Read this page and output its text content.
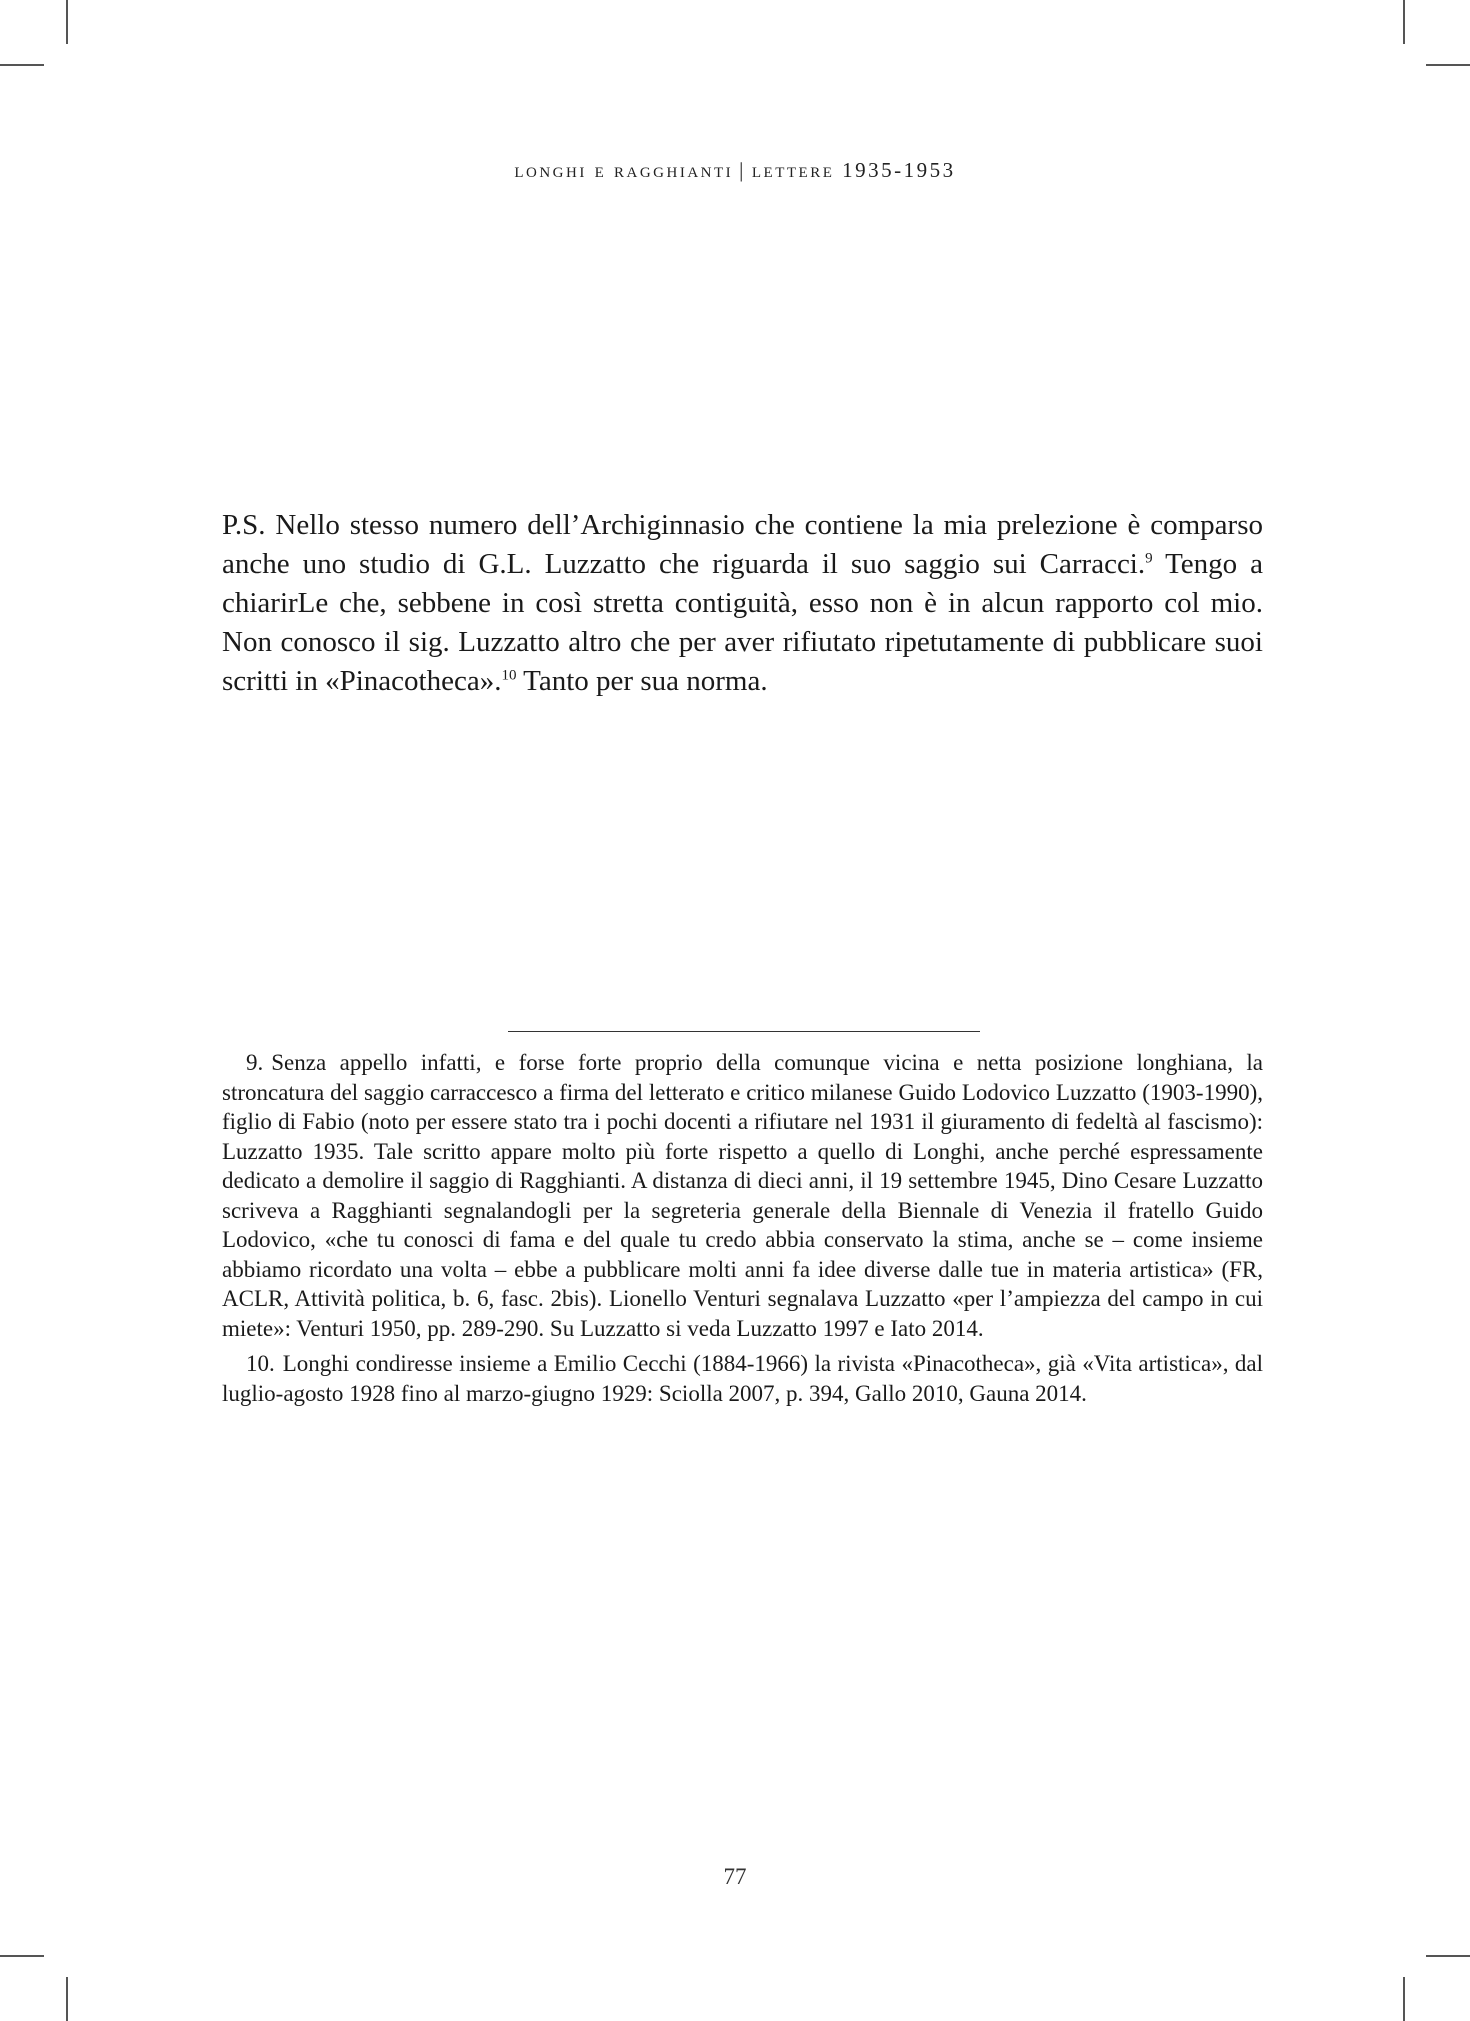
longhi e ragghianti | lettere 1935-1953

P.S. Nello stesso numero dell’Archiginnasio che contiene la mia prelezione è comparso anche uno studio di G.L. Luzzatto che riguarda il suo saggio sui Carracci.$^9$ Tengo a chiarirLe che, sebbene in così stretta contiguità, esso non è in alcun rapporto col mio. Non conosco il sig. Luzzatto altro che per aver rifiutato ripetutamente di pubblicare suoi scritti in «Pinacotheca».$^{10}$ Tanto per sua norma.

9. Senza appello infatti, e forse forte proprio della comunque vicina e netta posizione longhiana, la stroncatura del saggio carraccesco a firma del letterato e critico milanese Guido Lodovico Luzzatto (1903-1990), figlio di Fabio (noto per essere stato tra i pochi docenti a rifiutare nel 1931 il giuramento di fedeltà al fascismo): Luzzatto 1935. Tale scritto appare molto più forte rispetto a quello di Longhi, anche perché espressamente dedicato a demolire il saggio di Ragghianti. A distanza di dieci anni, il 19 settembre 1945, Dino Cesare Luzzatto scriveva a Ragghianti segnalandogli per la segreteria generale della Biennale di Venezia il fratello Guido Lodovico, «che tu conosci di fama e del quale tu credo abbia conservato la stima, anche se – come insieme abbiamo ricordato una volta – ebbe a pubblicare molti anni fa idee diverse dalle tue in materia artistica» (FR, ACLR, Attività politica, b. 6, fasc. 2bis). Lionello Venturi segnalava Luzzatto «per l’ampiezza del campo in cui miete»: Venturi 1950, pp. 289-290. Su Luzzatto si veda Luzzatto 1997 e Iato 2014.

10. Longhi condiresse insieme a Emilio Cecchi (1884-1966) la rivista «Pinacotheca», già «Vita artistica», dal luglio-agosto 1928 fino al marzo-giugno 1929: Sciolla 2007, p. 394, Gallo 2010, Gauna 2014.

77
